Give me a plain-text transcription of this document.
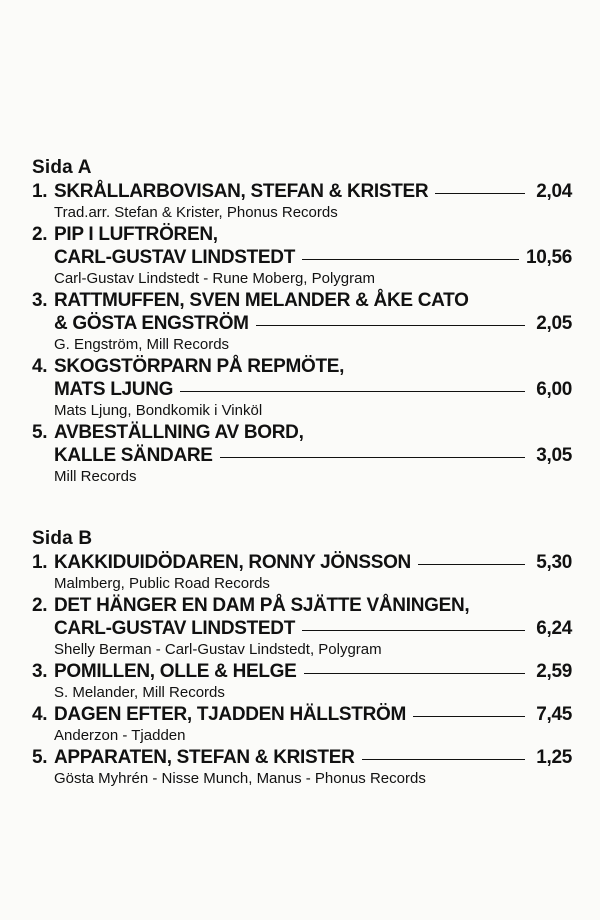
Sida A
1. SKRÅLLARBOVISAN, STEFAN & KRISTER	2,04
Trad.arr. Stefan & Krister, Phonus Records
2. PIP I LUFTRÖREN,
CARL-GUSTAV LINDSTEDT	10,56
Carl-Gustav Lindstedt - Rune Moberg, Polygram
3. RATTMUFFEN, SVEN MELANDER & ÅKE CATO
& GÖSTA ENGSTRÖM	2,05
G. Engström, Mill Records
4. SKOGSTÖRPARN PÅ REPMÖTE,
MATS LJUNG	6,00
Mats Ljung, Bondkomik i Vinköl
5. AVBESTÄLLNING AV BORD,
KALLE SÄNDARE	3,05
Mill Records
Sida B
1. KAKKIDUIDÖDAREN, RONNY JÖNSSON	5,30
Malmberg, Public Road Records
2. DET HÄNGER EN DAM PÅ SJÄTTE VÅNINGEN,
CARL-GUSTAV LINDSTEDT	6,24
Shelly Berman - Carl-Gustav Lindstedt, Polygram
3. POMILLEN, OLLE & HELGE	2,59
S. Melander, Mill Records
4. DAGEN EFTER, TJADDEN HÄLLSTRÖM	7,45
Anderzon - Tjadden
5. APPARATEN, STEFAN & KRISTER	1,25
Gösta Myhrén - Nisse Munch, Manus - Phonus Records
